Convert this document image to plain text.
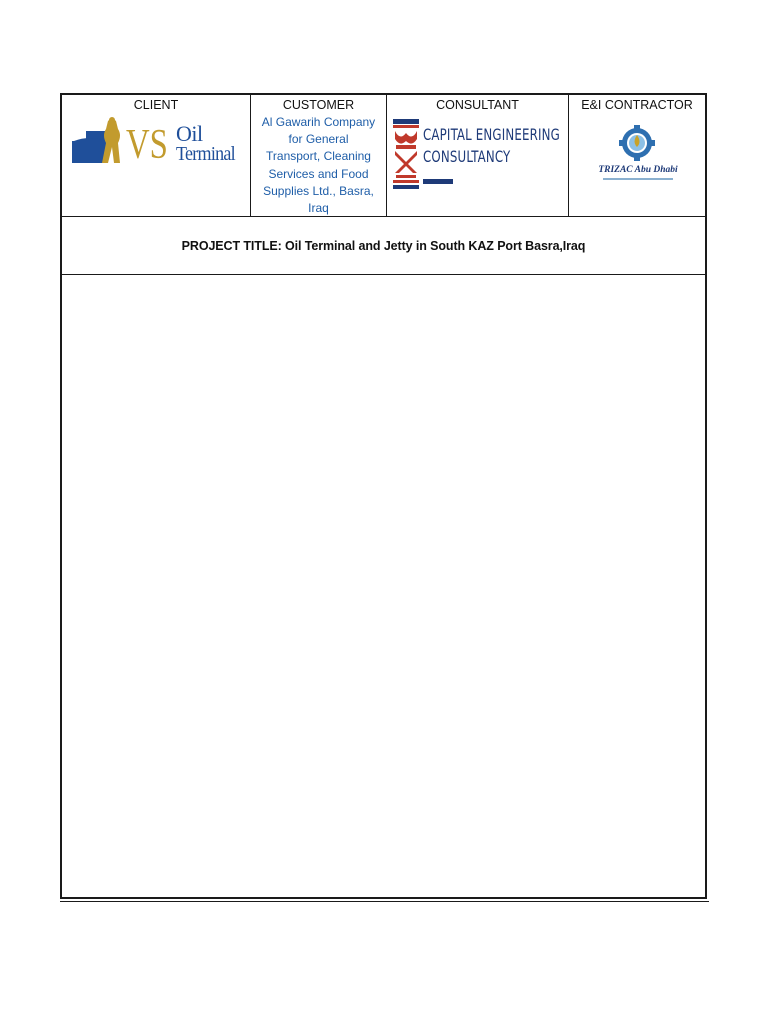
CLIENT
VS Oil
Terminal
CUSTOMER
Al Gawarih Company
for General
Transport, Cleaning
Services and Food
Supplies Ltd., Basra,
Iraq
CONSULTANT
CAPITAL ENGINEERING
CONSULTANCY
E&I CONTRACTOR
TRIZAC Abu Dhabi
PROJECT TITLE: Oil Terminal and Jetty in South KAZ Port Basra,Iraq
